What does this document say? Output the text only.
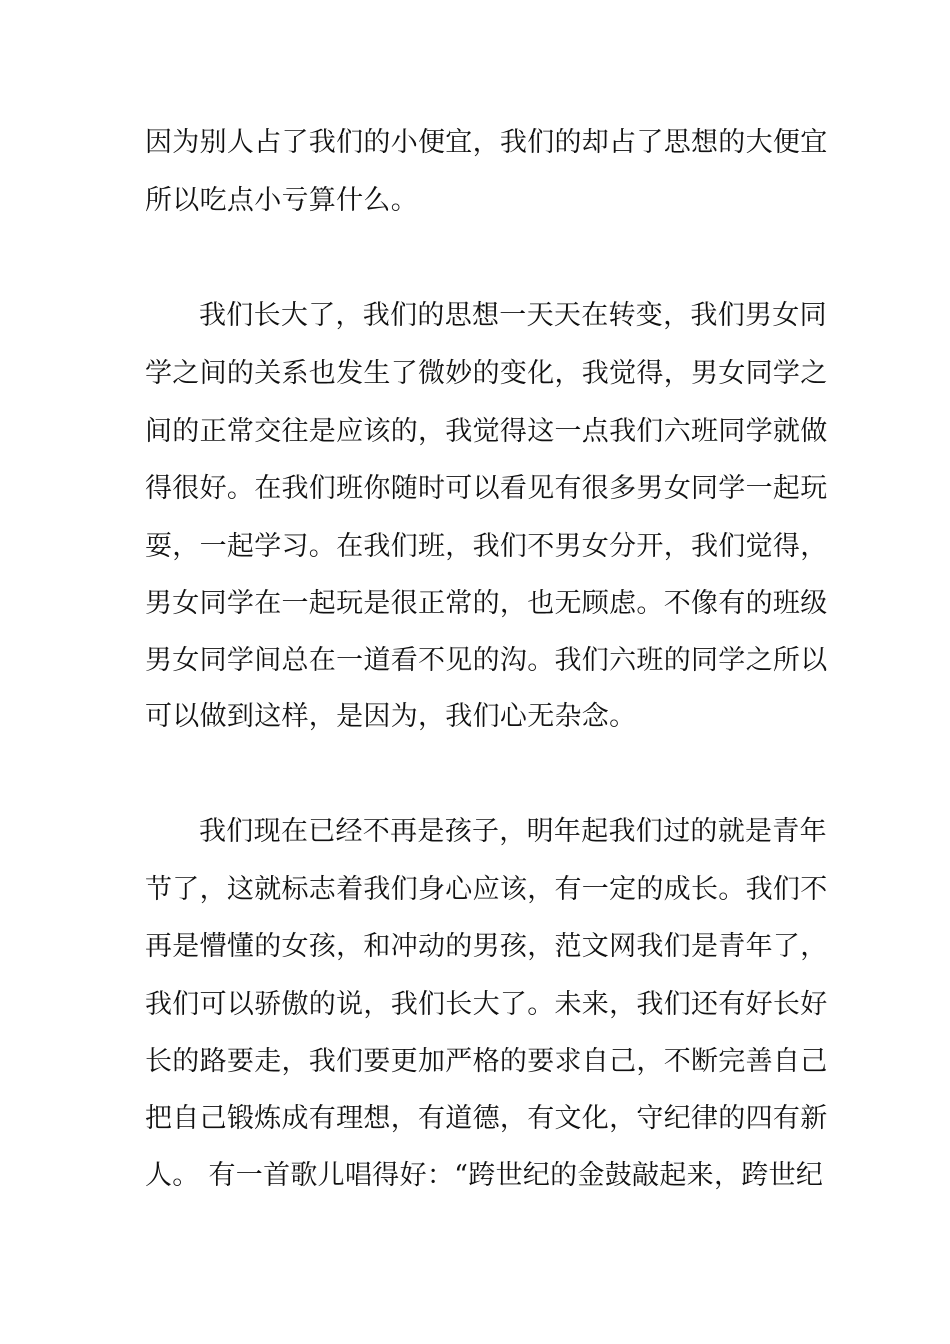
因为别人占了我们的小便宜，我们的却占了思想的大便宜
所以吃点小亏算什么。
我们长大了，我们的思想一天天在转变，我们男女同
学之间的关系也发生了微妙的变化，我觉得，男女同学之
间的正常交往是应该的，我觉得这一点我们六班同学就做
得很好。在我们班你随时可以看见有很多男女同学一起玩
耍，一起学习。在我们班，我们不男女分开，我们觉得，
男女同学在一起玩是很正常的，也无顾虑。不像有的班级
男女同学间总在一道看不见的沟。我们六班的同学之所以
可以做到这样，是因为，我们心无杂念。
我们现在已经不再是孩子，明年起我们过的就是青年
节了，这就标志着我们身心应该，有一定的成长。我们不
再是懵懂的女孩，和冲动的男孩，范文网我们是青年了，
我们可以骄傲的说，我们长大了。未来，我们还有好长好
长的路要走，我们要更加严格的要求自己，不断完善自己
把自己锻炼成有理想，有道德，有文化，守纪律的四有新
人。 有一首歌儿唱得好：“跨世纪的金鼓敲起来，跨世纪
